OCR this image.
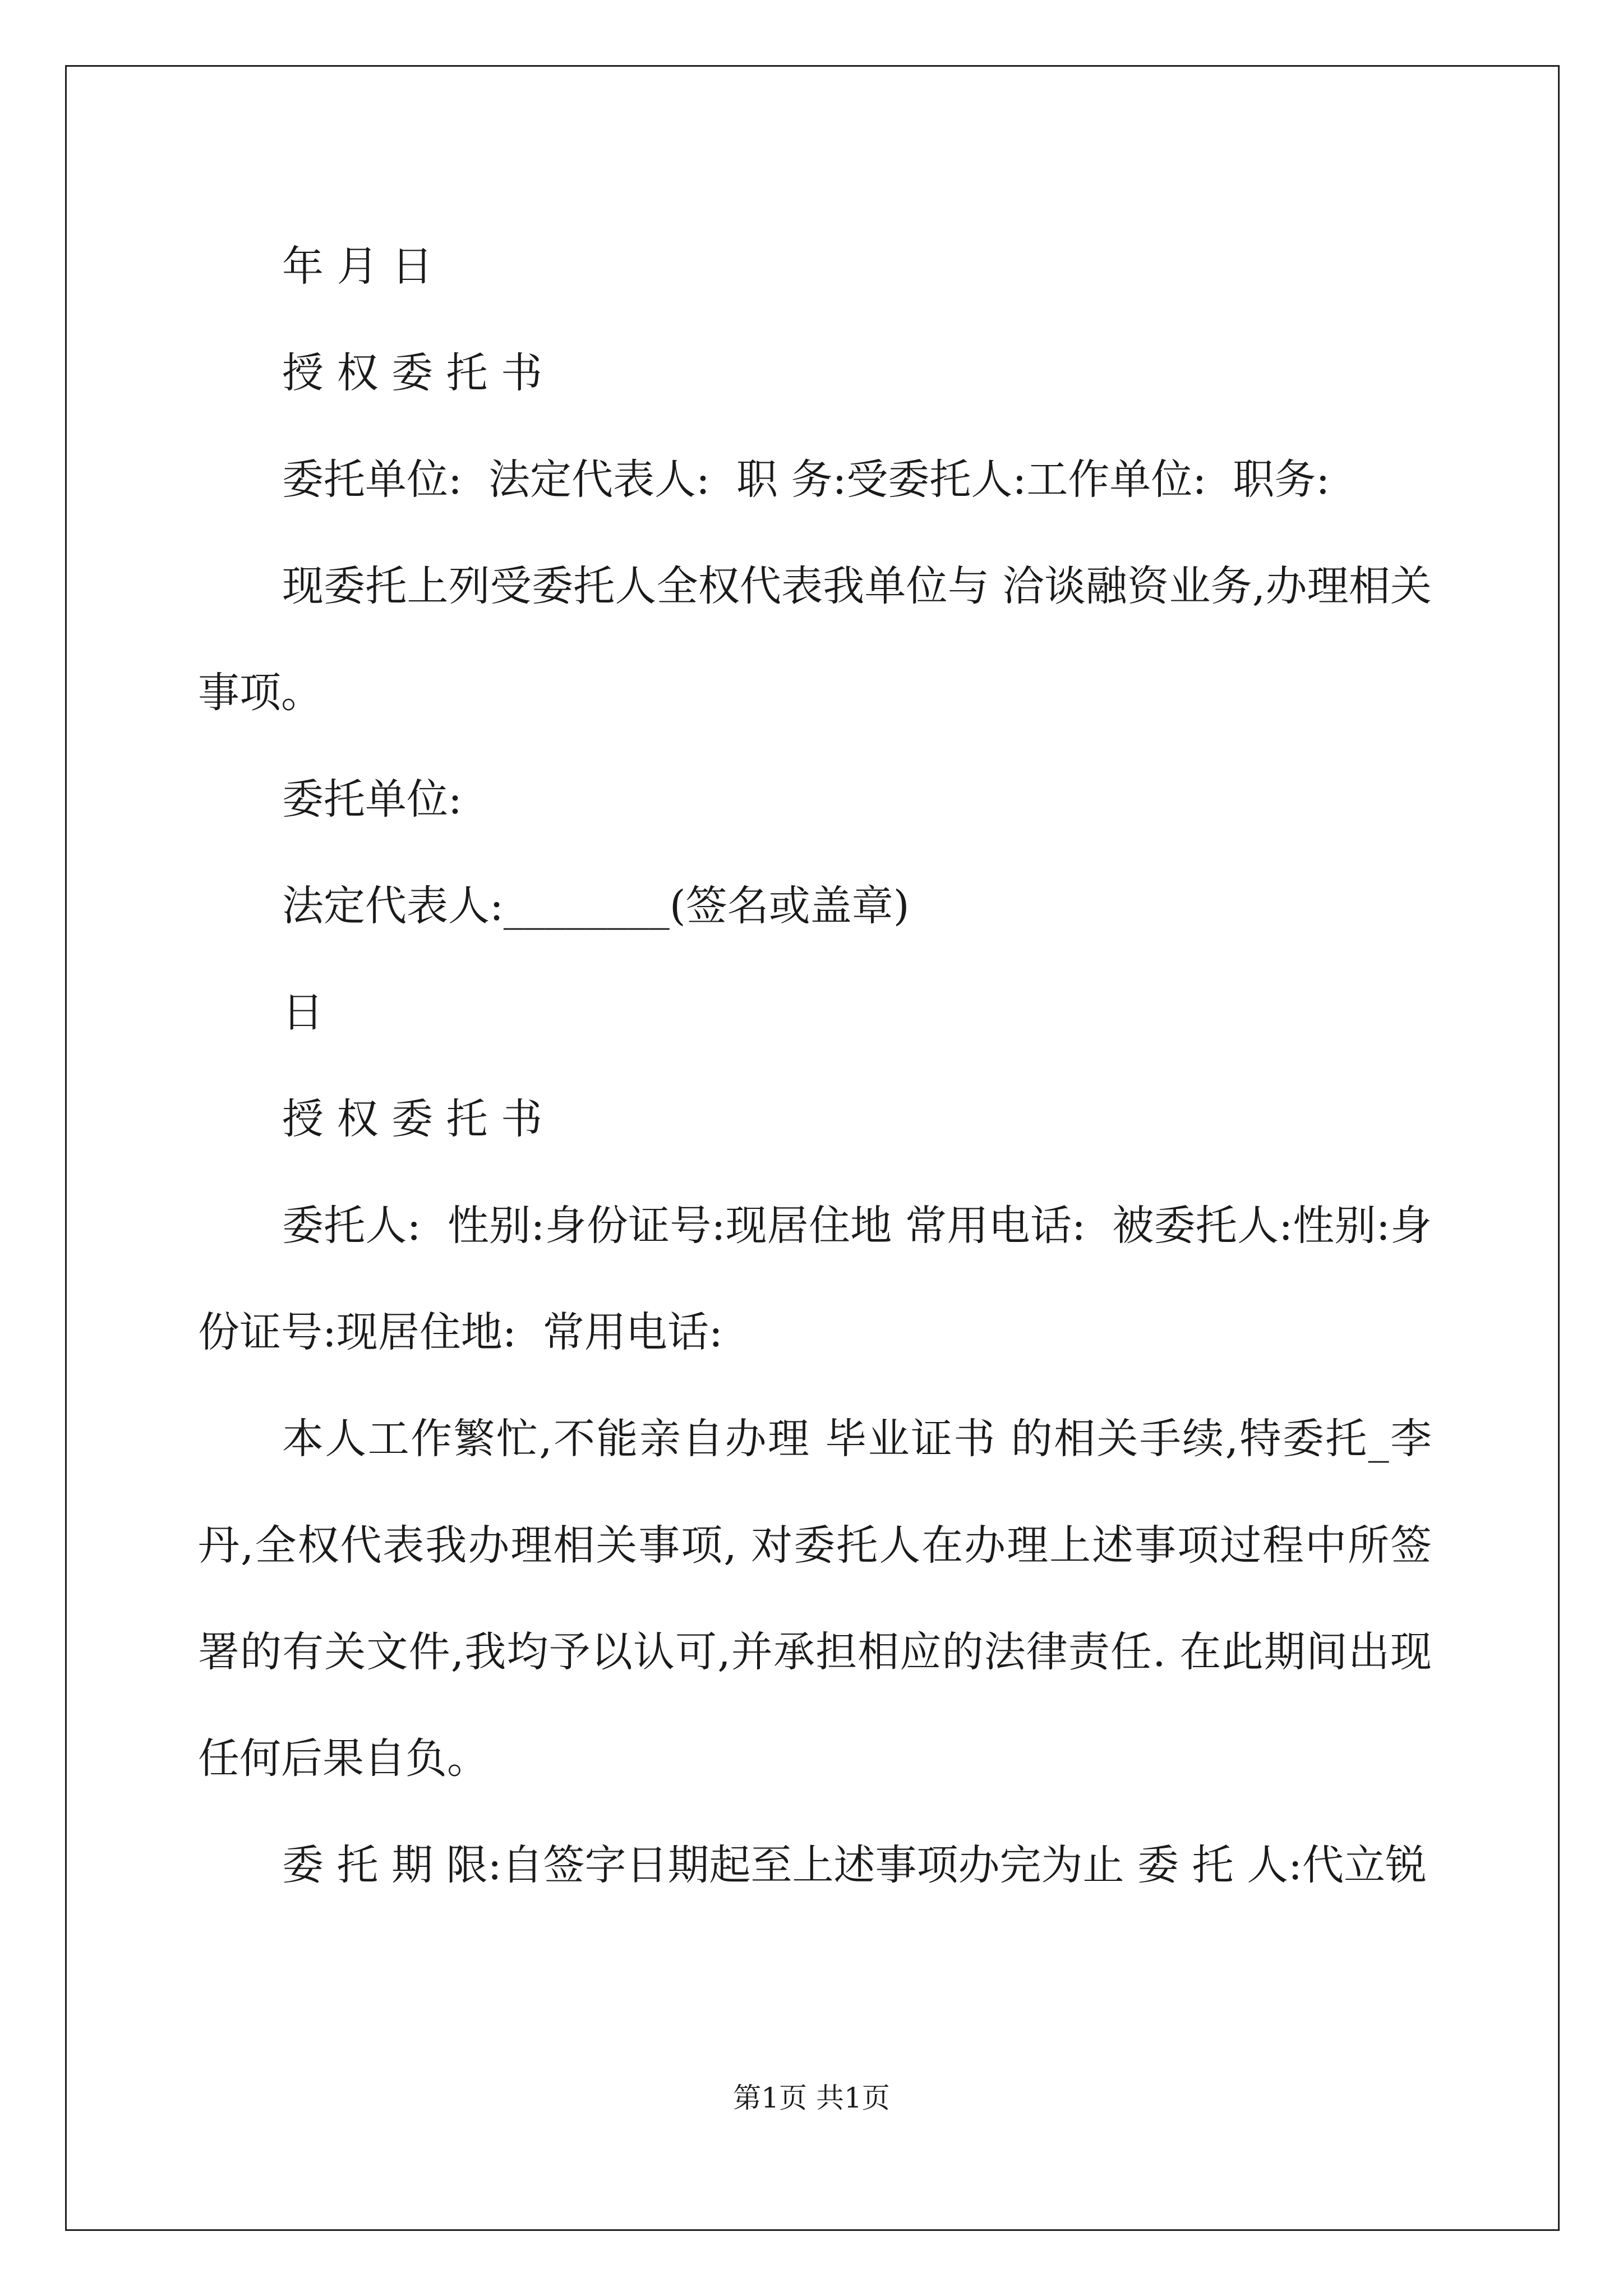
年 月 日

授 权 委 托 书

委托单位:  法定代表人:  职 务:受委托人:工作单位:  职务:

现委托上列受委托人全权代表我单位与 洽谈融资业务,办理相关事项。

委托单位:

法定代表人:________(签名或盖章)

日

授 权 委 托 书

委托人:  性别:身份证号:现居住地 常用电话:  被委托人:性别:身份证号:现居住地:  常用电话:

本人工作繁忙,不能亲自办理 毕业证书 的相关手续,特委托_李丹,全权代表我办理相关事项, 对委托人在办理上述事项过程中所签署的有关文件,我均予以认可,并承担相应的法律责任. 在此期间出现任何后果自负。

委 托 期 限:自签字日期起至上述事项办完为止 委 托 人:代立锐

第1页 共1页
